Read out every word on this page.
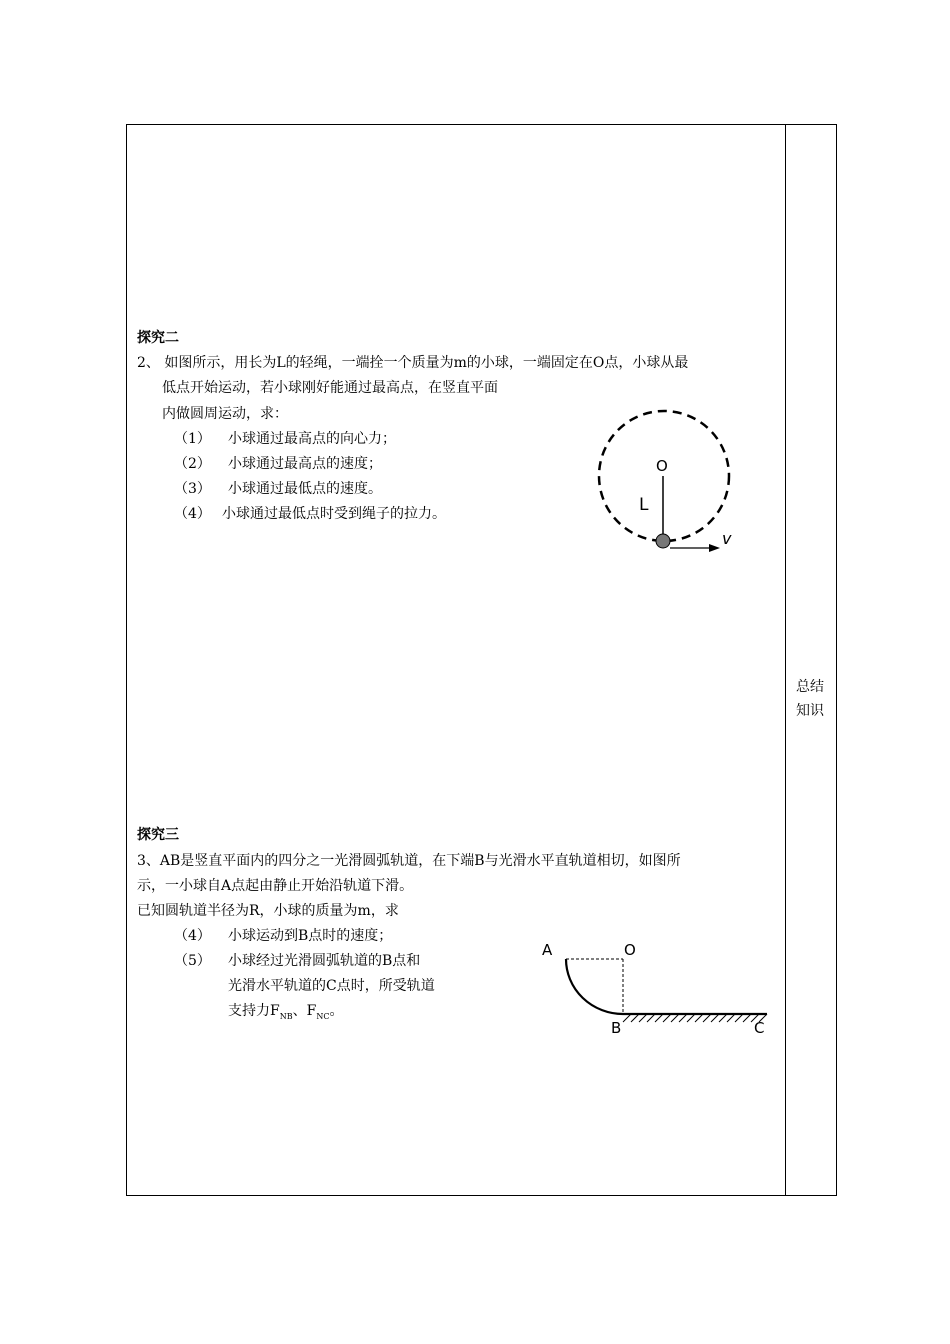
探究二
2、 如图所示，用长为L的轻绳，一端拴一个质量为m的小球，一端固定在O点，小球从最
低点开始运动，若小球刚好能通过最高点，在竖直平面
内做圆周运动，求：
（1） 小球通过最高点的向心力；
（2） 小球通过最高点的速度；
（3） 小球通过最低点的速度。
（4） 小球通过最低点时受到绳子的拉力。
O
L
v
探究三
3、AB是竖直平面内的四分之一光滑圆弧轨道，在下端B与光滑水平直轨道相切，如图所
示，一小球自A点起由静止开始沿轨道下滑。
已知圆轨道半径为R，小球的质量为m，求
（4） 小球运动到B点时的速度；
（5） 小球经过光滑圆弧轨道的B点和
光滑水平轨道的C点时，所受轨道
支持力$F_{NB}$、$F_{NC}$。
A	O
B	C
总结
知识
